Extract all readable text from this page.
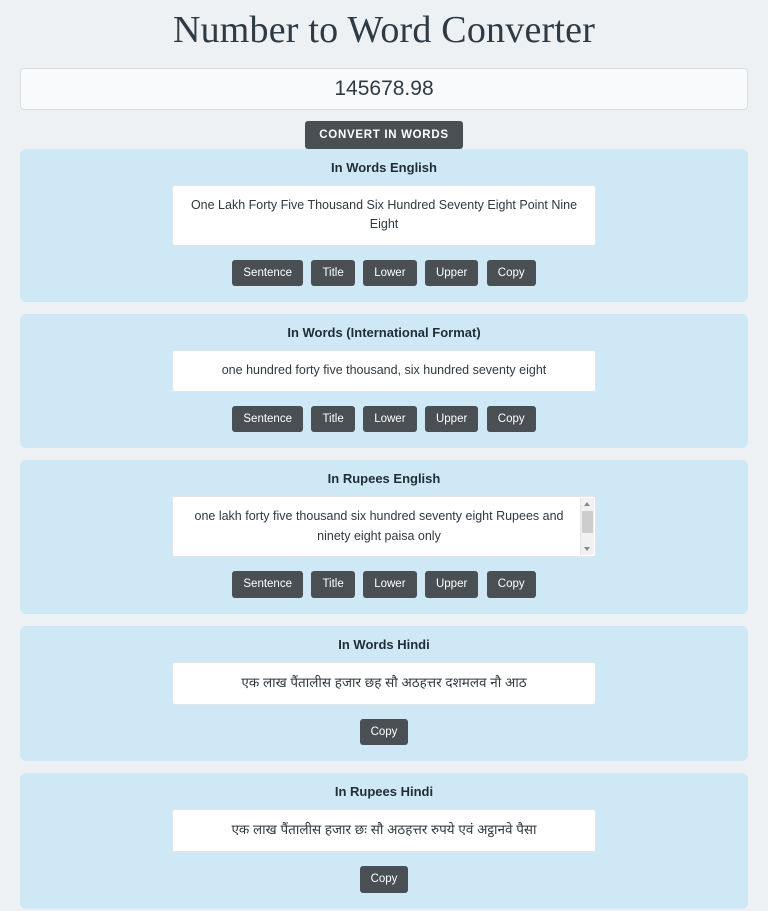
Number to Word Converter
145678.98
CONVERT IN WORDS
In Words English
One Lakh Forty Five Thousand Six Hundred Seventy Eight Point Nine Eight
Sentence	Title	Lower	Upper	Copy
In Words (International Format)
one hundred forty five thousand, six hundred seventy eight
Sentence	Title	Lower	Upper	Copy
In Rupees English
one lakh forty five thousand six hundred seventy eight Rupees and ninety eight paisa only
Sentence	Title	Lower	Upper	Copy
In Words Hindi
एक लाख पैंतालीस हजार छह सौ अठहत्तर दशमलव नौ आठ
Copy
In Rupees Hindi
एक लाख पैंतालीस हजार छः सौ अठहत्तर रुपये एवं अट्ठानवे पैसा
Copy
